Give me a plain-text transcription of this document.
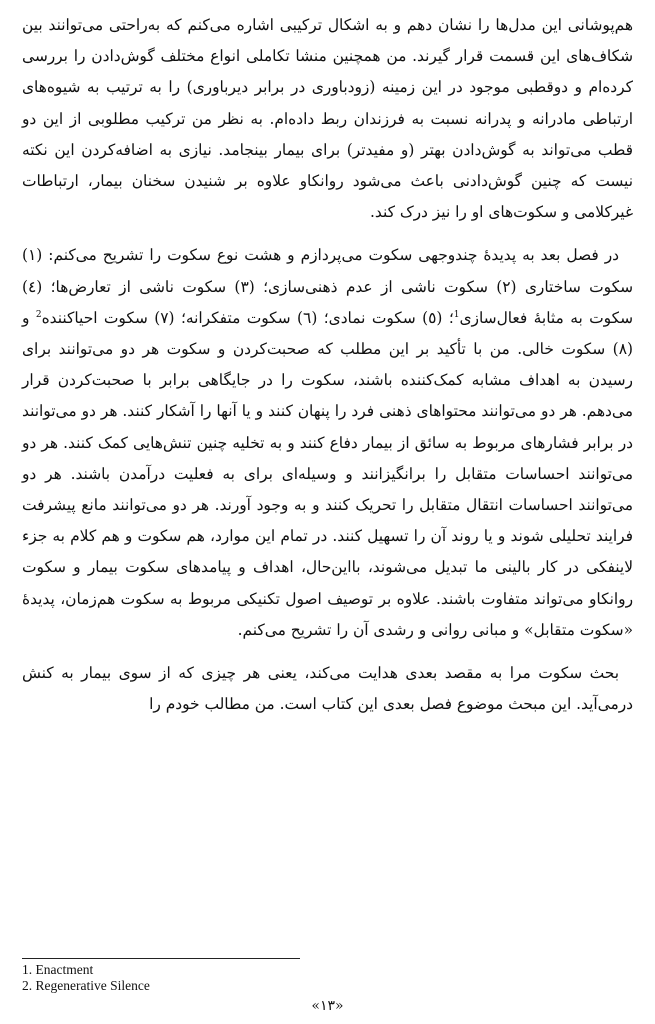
هم‌پوشانی این مدل‌ها را نشان دهم و به اشکال ترکیبی اشاره می‌کنم که به‌راحتی می‌توانند بین شکاف‌های این قسمت قرار گیرند. من همچنین منشا تکاملی انواع مختلف گوش‌دادن را بررسی کرده‌ام و دوقطبی موجود در این زمینه (زودباوری در برابر دیرباوری) را به ترتیب به شیوه‌های ارتباطی مادرانه و پدرانه نسبت به فرزندان ربط داده‌ام. به نظر من ترکیب مطلوبی از این دو قطب می‌تواند به گوش‌دادن بهتر (و مفیدتر) برای بیمار بینجامد. نیازی به اضافه‌کردن این نکته نیست که چنین گوش‌دادنی باعث می‌شود روانکاو علاوه بر شنیدن سخنان بیمار، ارتباطات غیرکلامی و سکوت‌های او را نیز درک کند.
در فصل بعد به پدیدهٔ چندوجهی سکوت می‌پردازم و هشت نوع سکوت را تشریح می‌کنم: (۱) سکوت ساختاری (۲) سکوت ناشی از عدم ذهنی‌سازی؛ (۳) سکوت ناشی از تعارض‌ها؛ (٤) سکوت به مثابهٔ فعال‌سازی$^1$؛ (٥) سکوت نمادی؛ (٦) سکوت متفکرانه؛ (۷) سکوت احیاکننده$^2$ و (۸) سکوت خالی. من با تأکید بر این مطلب که صحبت‌کردن و سکوت هر دو می‌توانند برای رسیدن به اهداف مشابه کمک‌کننده باشند، سکوت را در جایگاهی برابر با صحبت‌کردن قرار می‌دهم. هر دو می‌توانند محتواهای ذهنی فرد را پنهان کنند و یا آنها را آشکار کنند. هر دو می‌توانند در برابر فشارهای مربوط به سائق از بیمار دفاع کنند و به تخلیه چنین تنش‌هایی کمک کنند. هر دو می‌توانند احساسات متقابل را برانگیزانند و وسیله‌ای برای به فعلیت درآمدن باشند. هر دو می‌توانند احساسات انتقال متقابل را تحریک کنند و به وجود آورند. هر دو می‌توانند مانع پیشرفت فرایند تحلیلی شوند و یا روند آن را تسهیل کنند. در تمام این موارد، هم سکوت و هم کلام به جزء لاینفکی در کار بالینی ما تبدیل می‌شوند، بااین‌حال، اهداف و پیامدهای سکوت بیمار و سکوت روانکاو می‌تواند متفاوت باشند. علاوه بر توصیف اصول تکنیکی مربوط به سکوت هم‌زمان، پدیدهٔ «سکوت متقابل» و مبانی روانی و رشدی آن را تشریح می‌کنم.
بحث سکوت مرا به مقصد بعدی هدایت می‌کند، یعنی هر چیزی که از سوی بیمار به کنش درمی‌آید. این مبحث موضوع فصل بعدی این کتاب است. من مطالب خودم را
1. Enactment
2. Regenerative Silence
«۱۳»
